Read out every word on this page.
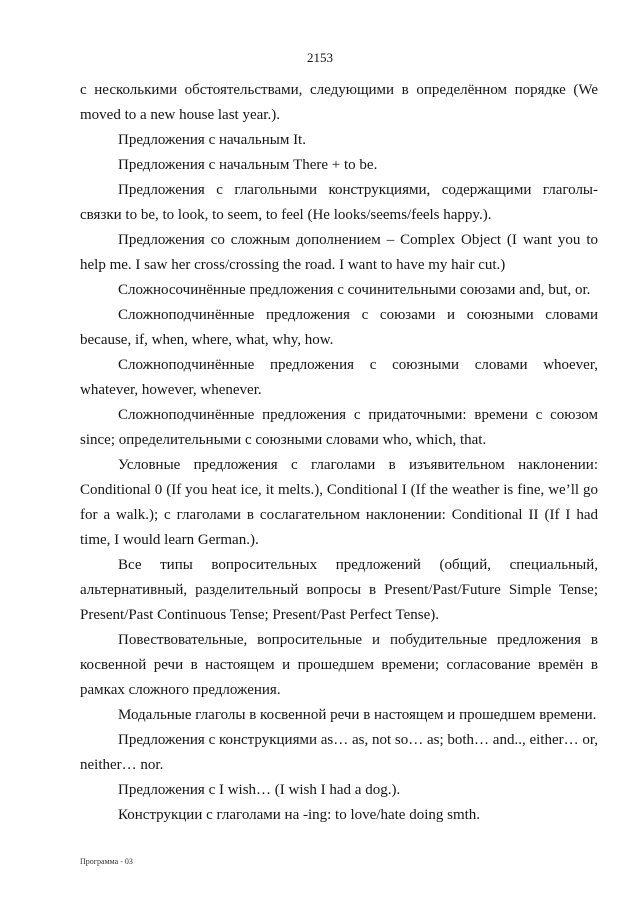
2153

с несколькими обстоятельствами, следующими в определённом порядке (We moved to a new house last year.).

Предложения с начальным It.

Предложения с начальным There + to be.

Предложения с глагольными конструкциями, содержащими глаголы-связки to be, to look, to seem, to feel (He looks/seems/feels happy.).

Предложения со сложным дополнением – Complex Object (I want you to help me. I saw her cross/crossing the road. I want to have my hair cut.)

Сложносочинённые предложения с сочинительными союзами and, but, or.

Сложноподчинённые предложения с союзами и союзными словами because, if, when, where, what, why, how.

Сложноподчинённые предложения с союзными словами whoever, whatever, however, whenever.

Сложноподчинённые предложения с придаточными: времени с союзом since; определительными с союзными словами who, which, that.

Условные предложения с глаголами в изъявительном наклонении: Conditional 0 (If you heat ice, it melts.), Conditional I (If the weather is fine, we’ll go for a walk.); с глаголами в сослагательном наклонении: Conditional II (If I had time, I would learn German.).

Все типы вопросительных предложений (общий, специальный, альтернативный, разделительный вопросы в Present/Past/Future Simple Tense; Present/Past Continuous Tense; Present/Past Perfect Tense).

Повествовательные, вопросительные и побудительные предложения в косвенной речи в настоящем и прошедшем времени; согласование времён в рамках сложного предложения.

Модальные глаголы в косвенной речи в настоящем и прошедшем времени.

Предложения с конструкциями as… as, not so… as; both… and.., either… or, neither… nor.

Предложения с I wish… (I wish I had a dog.).

Конструкции с глаголами на -ing: to love/hate doing smth.

Программа - 03
